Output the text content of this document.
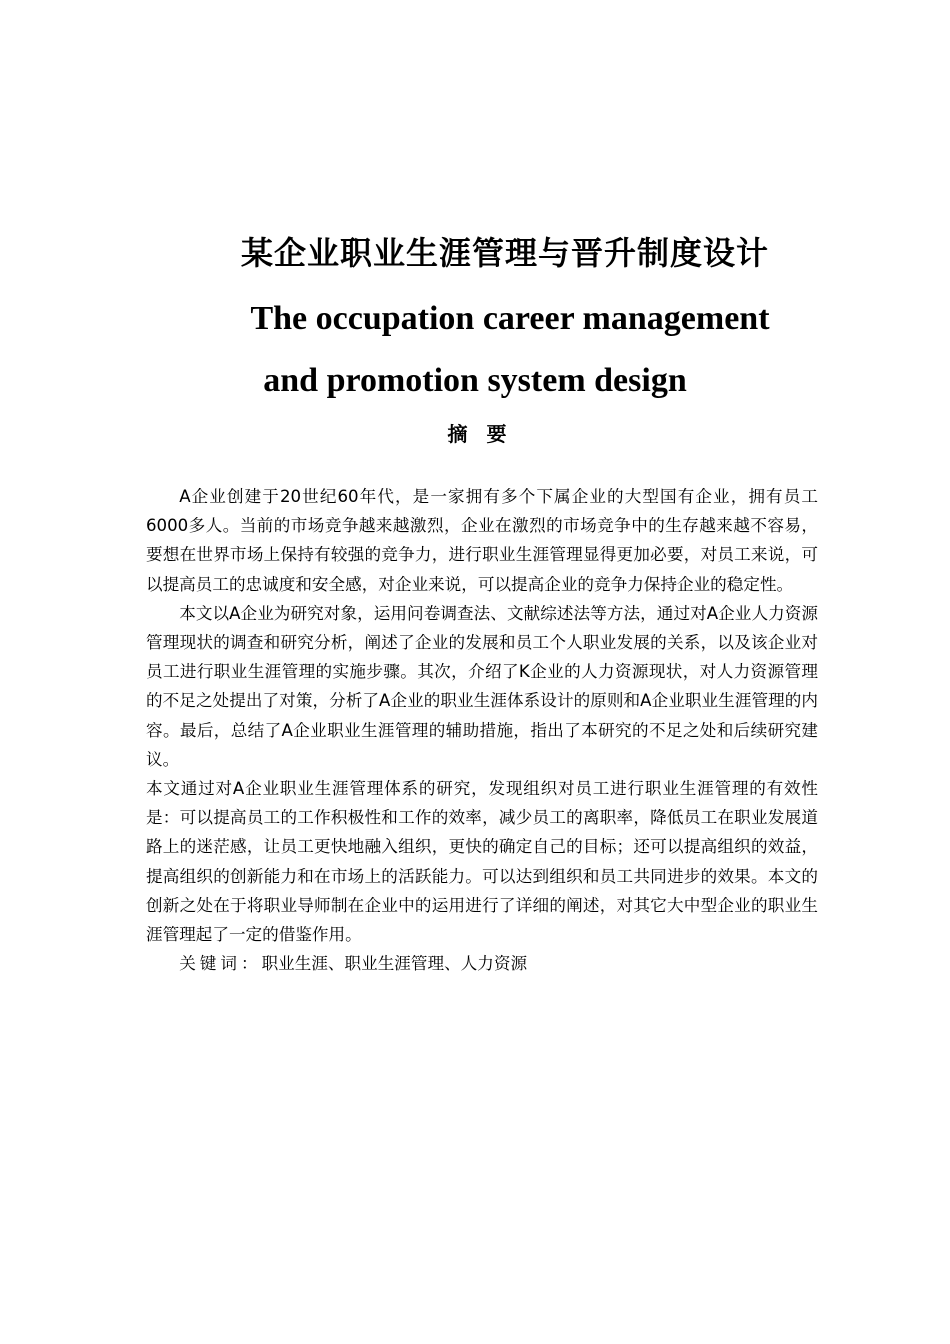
某企业职业生涯管理与晋升制度设计
The occupation career management
and promotion system design
摘 要

A企业创建于20世纪60年代，是一家拥有多个下属企业的大型国有企业，拥有员工6000多人。当前的市场竞争越来越激烈，企业在激烈的市场竞争中的生存越来越不容易，要想在世界市场上保持有较强的竞争力，进行职业生涯管理显得更加必要，对员工来说，可以提高员工的忠诚度和安全感，对企业来说，可以提高企业的竞争力保持企业的稳定性。

本文以A企业为研究对象，运用问卷调查法、文献综述法等方法，通过对A企业人力资源管理现状的调查和研究分析，阐述了企业的发展和员工个人职业发展的关系，以及该企业对员工进行职业生涯管理的实施步骤。其次，介绍了K企业的人力资源现状，对人力资源管理的不足之处提出了对策，分析了A企业的职业生涯体系设计的原则和A企业职业生涯管理的内容。最后，总结了A企业职业生涯管理的辅助措施，指出了本研究的不足之处和后续研究建议。

本文通过对A企业职业生涯管理体系的研究，发现组织对员工进行职业生涯管理的有效性是：可以提高员工的工作积极性和工作的效率，减少员工的离职率，降低员工在职业发展道路上的迷茫感，让员工更快地融入组织，更快的确定自己的目标；还可以提高组织的效益，提高组织的创新能力和在市场上的活跃能力。可以达到组织和员工共同进步的效果。本文的创新之处在于将职业导师制在企业中的运用进行了详细的阐述，对其它大中型企业的职业生涯管理起了一定的借鉴作用。

关键词：职业生涯、职业生涯管理、人力资源
